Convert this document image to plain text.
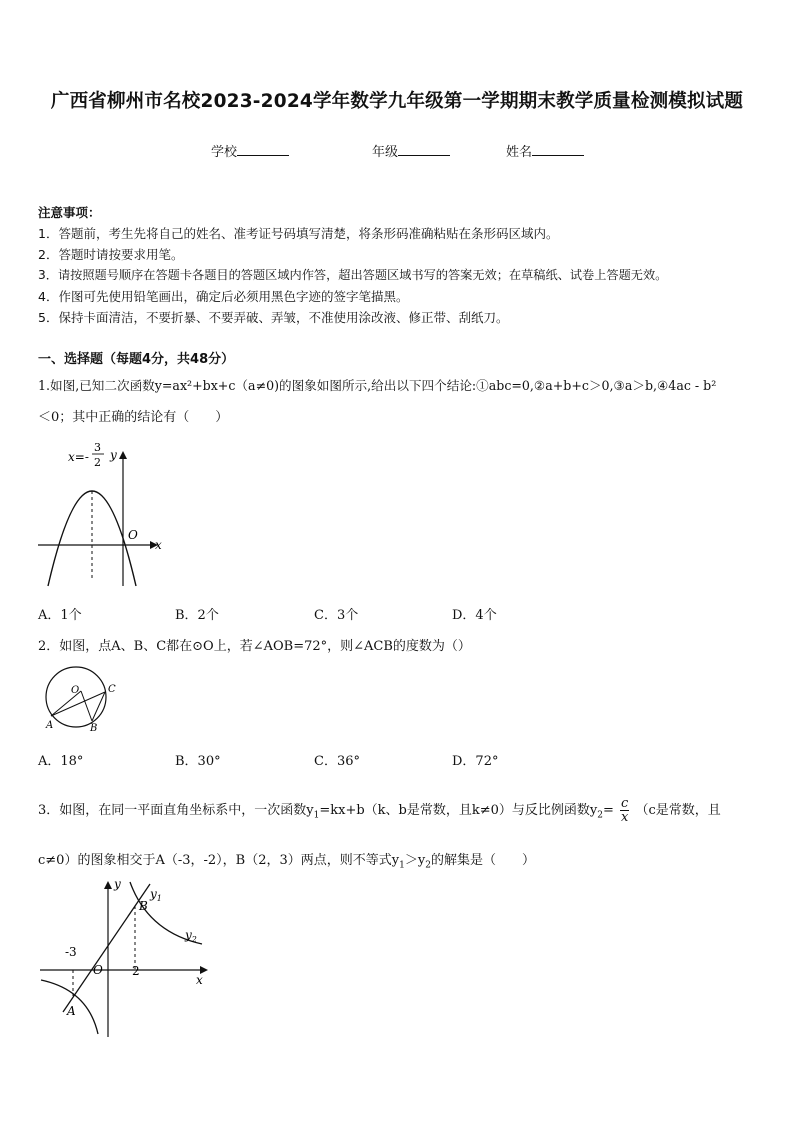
广西省柳州市名校2023-2024学年数学九年级第一学期期末教学质量检测模拟试题
学校	年级	姓名
注意事项：
1．答题前，考生先将自己的姓名、准考证号码填写清楚，将条形码准确粘贴在条形码区域内。
2．答题时请按要求用笔。
3．请按照题号顺序在答题卡各题目的答题区域内作答，超出答题区域书写的答案无效；在草稿纸、试卷上答题无效。
4．作图可先使用铅笔画出，确定后必须用黑色字迹的签字笔描黑。
5．保持卡面清洁，不要折暴、不要弄破、弄皱，不准使用涂改液、修正带、刮纸刀。
一、选择题（每题4分，共48分）
1.如图,已知二次函数y=ax²+bx+c（a≠0)的图象如图所示,给出以下四个结论:①abc=0,②a+b+c＞0,③a＞b,④4ac - b²
＜0；其中正确的结论有（　　）
x=-
3
2
y
x
O
A．1个	B．2个	C．3个	D．4个
2．如图，点A、B、C都在⊙O上，若∠AOB=72°，则∠ACB的度数为（）
O
A	B
C
A．18°	B．30°	C．36°	D．72°
3．如图，在同一平面直角坐标系中，一次函数$y_1=kx+b(k$、b是常数，且k≠0）与反比例函数$y_2= \frac{c}{x} (c$是常数，且
c≠0）的图象相交于A（-3，-2），B（2，3）两点，则不等式$y_1>y_2$的解集是（　　）
y
x
O
B
A
-3
2
$y_1$
$y_2$
